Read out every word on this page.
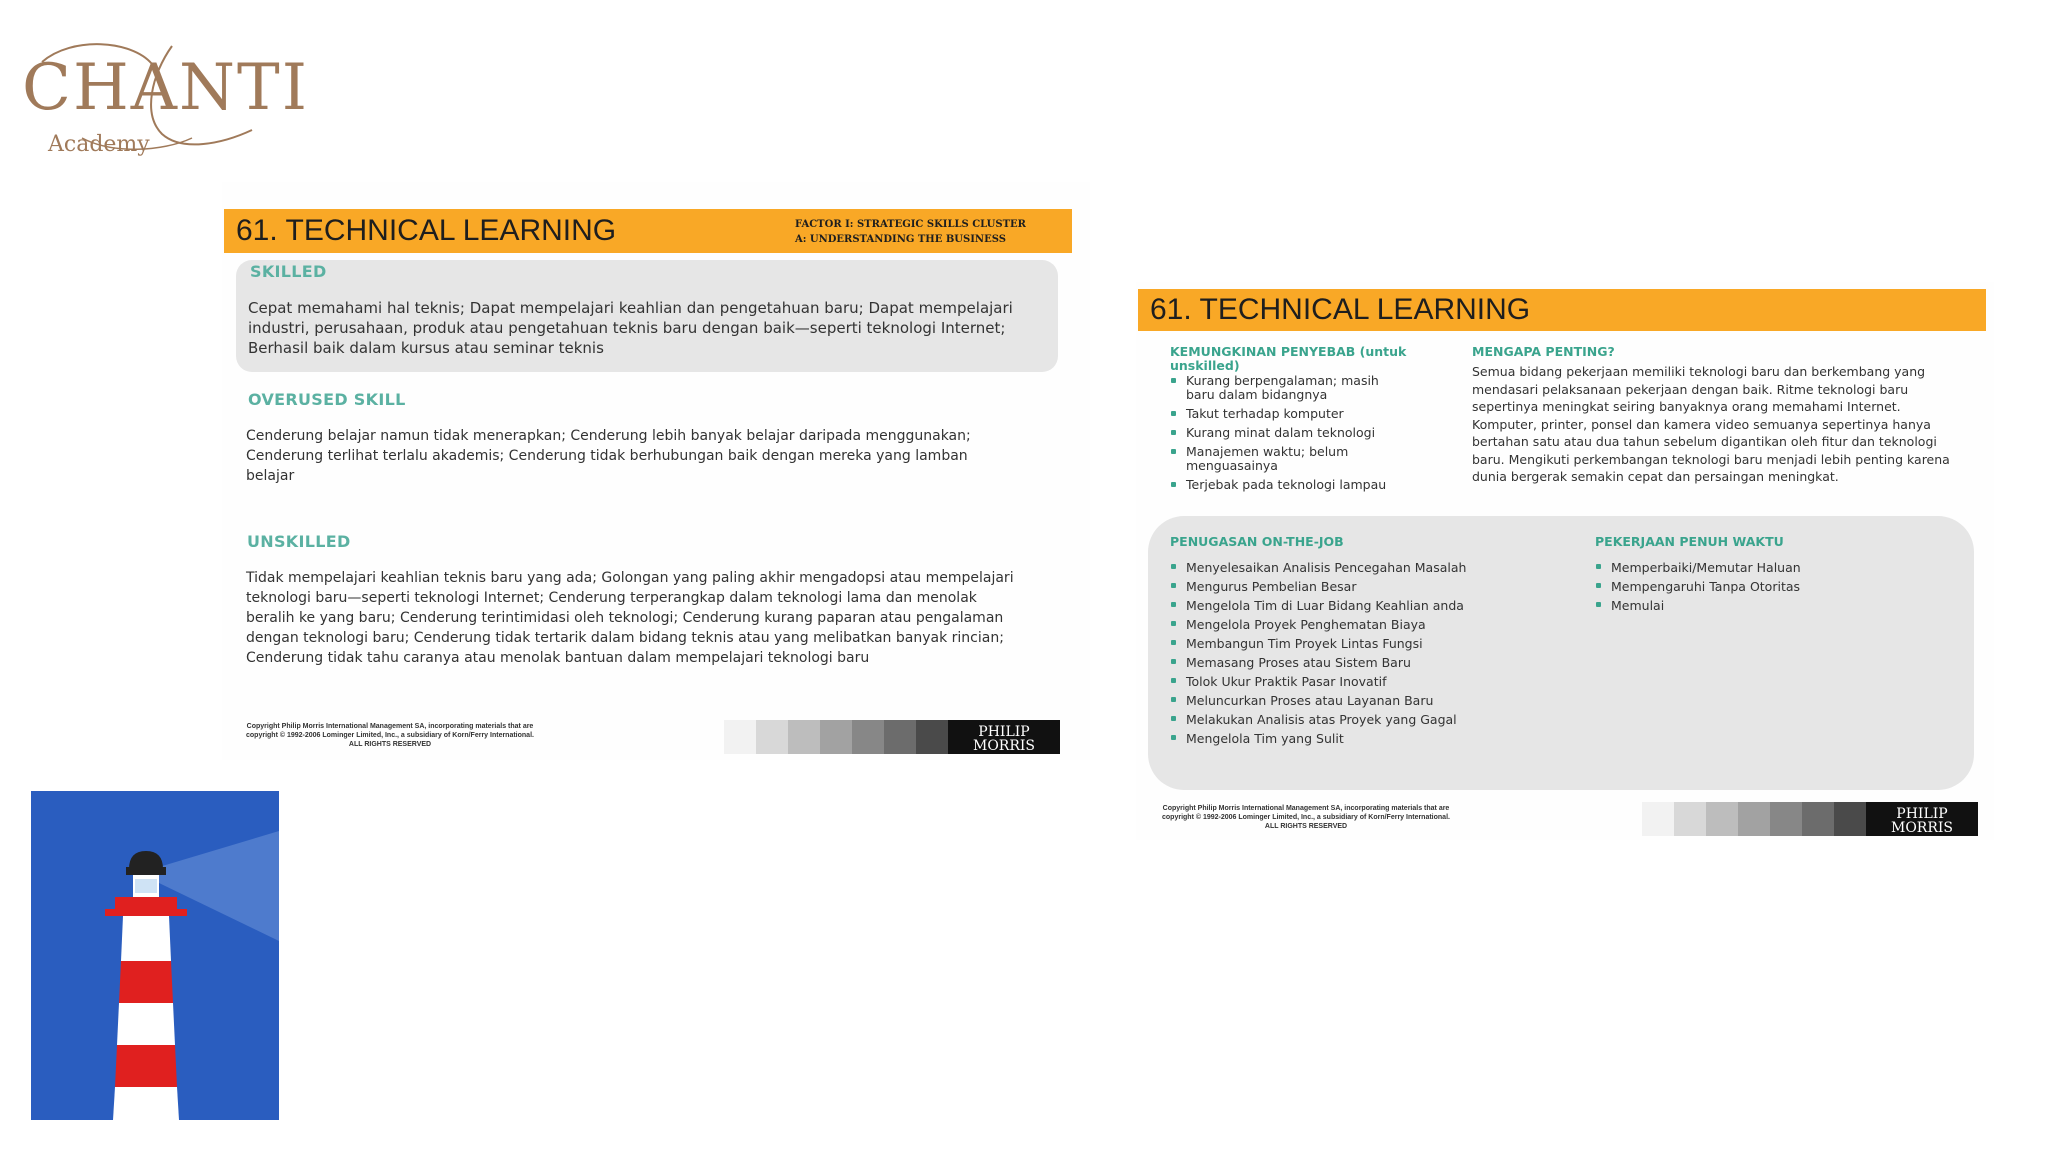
CHANTI
Academy
61. TECHNICAL LEARNING	FACTOR I: STRATEGIC SKILLS CLUSTER
A: UNDERSTANDING THE BUSINESS
SKILLED
Cepat memahami hal teknis; Dapat mempelajari keahlian dan pengetahuan baru; Dapat mempelajari
industri, perusahaan, produk atau pengetahuan teknis baru dengan baik—seperti teknologi Internet;
Berhasil baik dalam kursus atau seminar teknis
OVERUSED SKILL
Cenderung belajar namun tidak menerapkan; Cenderung lebih banyak belajar daripada menggunakan;
Cenderung terlihat terlalu akademis; Cenderung tidak berhubungan baik dengan mereka yang lamban
belajar
UNSKILLED
Tidak mempelajari keahlian teknis baru yang ada; Golongan yang paling akhir mengadopsi atau mempelajari
teknologi baru—seperti teknologi Internet; Cenderung terperangkap dalam teknologi lama dan menolak
beralih ke yang baru; Cenderung terintimidasi oleh teknologi; Cenderung kurang paparan atau pengalaman
dengan teknologi baru; Cenderung tidak tertarik dalam bidang teknis atau yang melibatkan banyak rincian;
Cenderung tidak tahu caranya atau menolak bantuan dalam mempelajari teknologi baru
Copyright Philip Morris International Management SA, incorporating materials that are
copyright © 1992-2006 Lominger Limited, Inc., a subsidiary of Korn/Ferry International.
ALL RIGHTS RESERVED
PHILIP MORRIS
INTERNATIONAL
61. TECHNICAL LEARNING
KEMUNGKINAN PENYEBAB (untuk
unskilled)
Kurang berpengalaman; masih
baru dalam bidangnya
Takut terhadap komputer
Kurang minat dalam teknologi
Manajemen waktu; belum
menguasainya
Terjebak pada teknologi lampau
MENGAPA PENTING?
Semua bidang pekerjaan memiliki teknologi baru dan berkembang yang
mendasari pelaksanaan pekerjaan dengan baik. Ritme teknologi baru
sepertinya meningkat seiring banyaknya orang memahami Internet.
Komputer, printer, ponsel dan kamera video semuanya sepertinya hanya
bertahan satu atau dua tahun sebelum digantikan oleh fitur dan teknologi
baru. Mengikuti perkembangan teknologi baru menjadi lebih penting karena
dunia bergerak semakin cepat dan persaingan meningkat.
PENUGASAN ON-THE-JOB
Menyelesaikan Analisis Pencegahan Masalah
Mengurus Pembelian Besar
Mengelola Tim di Luar Bidang Keahlian anda
Mengelola Proyek Penghematan Biaya
Membangun Tim Proyek Lintas Fungsi
Memasang Proses atau Sistem Baru
Tolok Ukur Praktik Pasar Inovatif
Meluncurkan Proses atau Layanan Baru
Melakukan Analisis atas Proyek yang Gagal
Mengelola Tim yang Sulit
PEKERJAAN PENUH WAKTU
Memperbaiki/Memutar Haluan
Mempengaruhi Tanpa Otoritas
Memulai
Copyright Philip Morris International Management SA, incorporating materials that are
copyright © 1992-2006 Lominger Limited, Inc., a subsidiary of Korn/Ferry International.
ALL RIGHTS RESERVED
PHILIP MORRIS
INTERNATIONAL
